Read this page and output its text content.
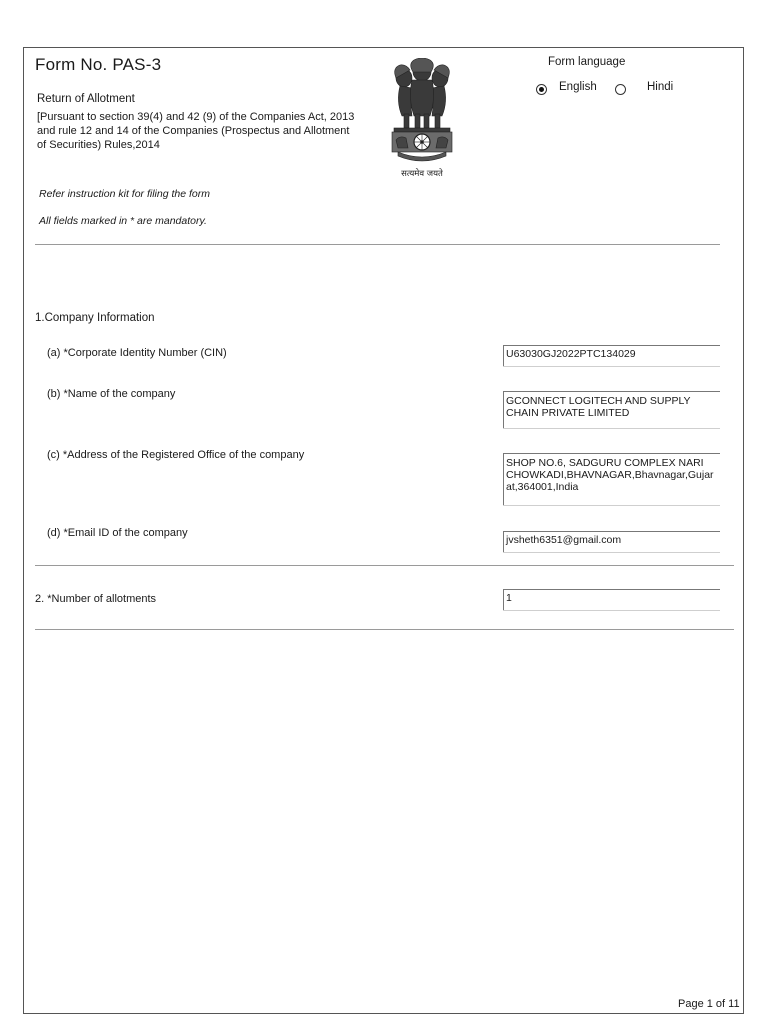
Form No. PAS-3
Return of Allotment
[Pursuant to section 39(4) and 42 (9) of the Companies Act, 2013 and rule 12 and 14 of the Companies (Prospectus and Allotment of Securities) Rules,2014
सत्यमेव जयते
Form language
English	Hindi
Refer instruction kit for filing the form
All fields marked in * are mandatory.
1.Company Information
(a) *Corporate Identity Number (CIN)	U63030GJ2022PTC134029
(b) *Name of the company
GCONNECT LOGITECH AND SUPPLY CHAIN PRIVATE LIMITED
(c) *Address of the Registered Office of the company
SHOP NO.6, SADGURU COMPLEX NARI CHOWKADI,BHAVNAGAR,Bhavnagar,Gujarat,364001,India
(d) *Email ID of the company
jvsheth6351@gmail.com
2. *Number of allotments	1
Page 1 of 11
